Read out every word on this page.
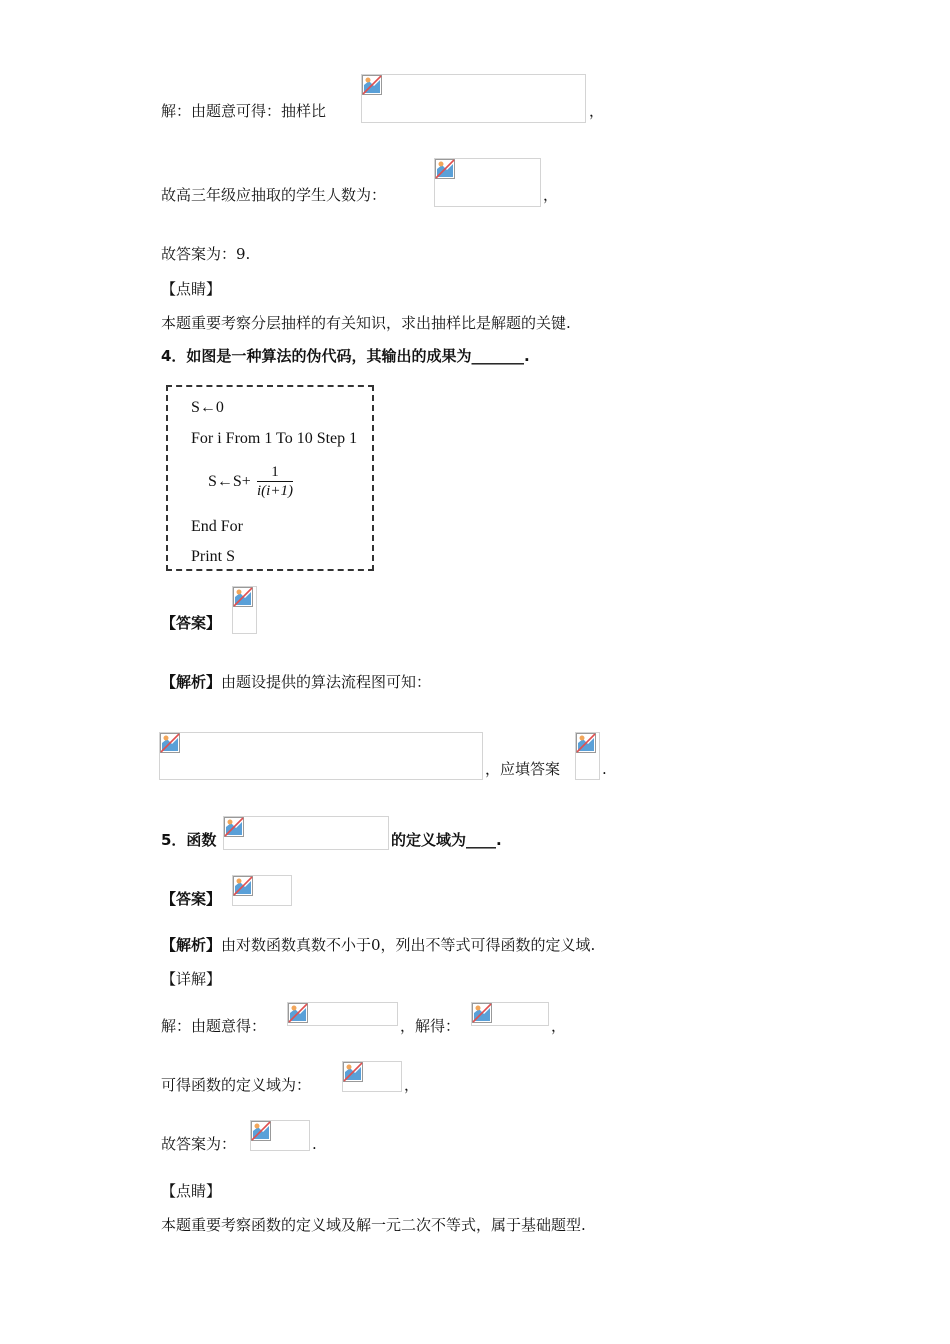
解：由题意可得：抽样比	，
故高三年级应抽取的学生人数为：	，
故答案为：9.
【点睛】
本题重要考察分层抽样的有关知识，求出抽样比是解题的关键.
4．如图是一种算法的伪代码，其输出的成果为_______.
S←0
For i From 1 To 10 Step 1
S←S+ $\frac{1}{i(i+1)}$
End For
Print S
【答案】
【解析】由题设提供的算法流程图可知：
，应填答案	.
5．函数	的定义域为____.
【答案】
【解析】由对数函数真数不小于0，列出不等式可得函数的定义域.
【详解】
解：由题意得：	，解得：	，
可得函数的定义域为：	，
故答案为：	.
【点睛】
本题重要考察函数的定义域及解一元二次不等式，属于基础题型.
